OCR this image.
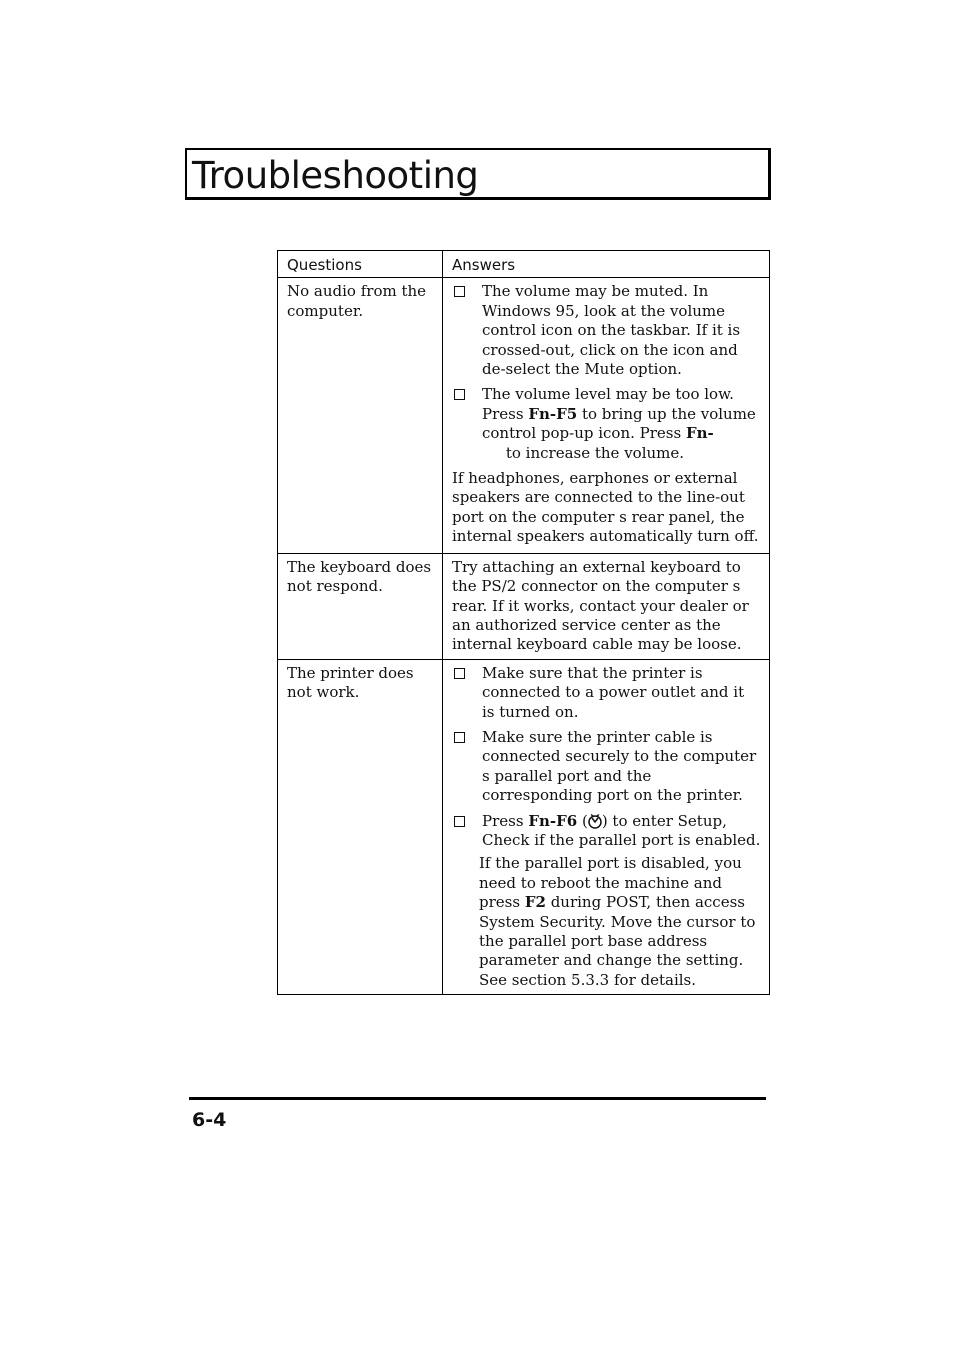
Troubleshooting
Questions	Answers
No audio from the computer.	The volume may be muted. In Windows 95, look at the volume control icon on the taskbar. If it is crossed-out, click on the icon and de-select the Mute option.
The volume level may be too low. Press Fn-F5 to bring up the volume control pop-up icon. Press Fn-     to increase the volume.
If headphones, earphones or external speakers are connected to the line-out port on the computer s rear panel, the internal speakers automatically turn off.

The keyboard does not respond.	Try attaching an external keyboard to the PS/2 connector on the computer s rear. If it works, contact your dealer or an authorized service center as the internal keyboard cable may be loose.
The printer does not work.	Make sure that the printer is connected to a power outlet and it is turned on.
Make sure the printer cable is connected securely to the computer s parallel port and the corresponding port on the printer.
Press Fn-F6 ( ) to enter Setup, Check if the parallel port is enabled.
If the parallel port is disabled, you need to reboot the machine and press F2 during POST, then access System Security. Move the cursor to the parallel port base address parameter and change the setting. See section 5.3.3 for details.
6-4
